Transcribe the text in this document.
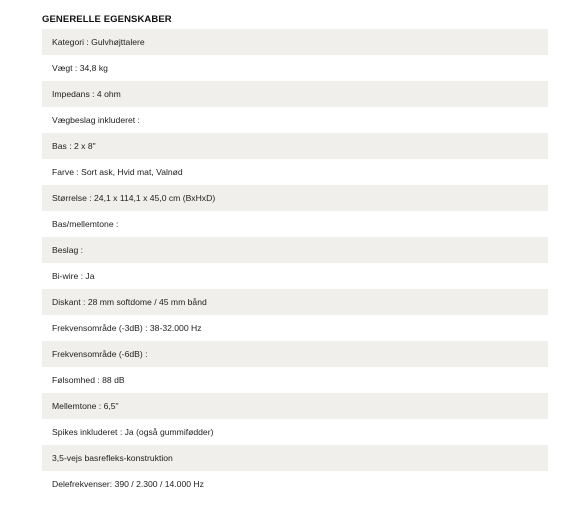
GENERELLE EGENSKABER
Kategori : Gulvhøjttalere
Vægt : 34,8 kg
Impedans : 4 ohm
Vægbeslag inkluderet :
Bas : 2 x 8"
Farve : Sort ask, Hvid mat, Valnød
Størrelse : 24,1 x 114,1 x 45,0 cm (BxHxD)
Bas/mellemtone :
Beslag :
Bi-wire : Ja
Diskant : 28 mm softdome / 45 mm bånd
Frekvensområde (-3dB) : 38-32.000 Hz
Frekvensområde (-6dB) :
Følsomhed : 88 dB
Mellemtone : 6,5"
Spikes inkluderet : Ja (også gummifødder)
3,5-vejs basrefleks-konstruktion
Delefrekvenser: 390 / 2.300 / 14.000 Hz
